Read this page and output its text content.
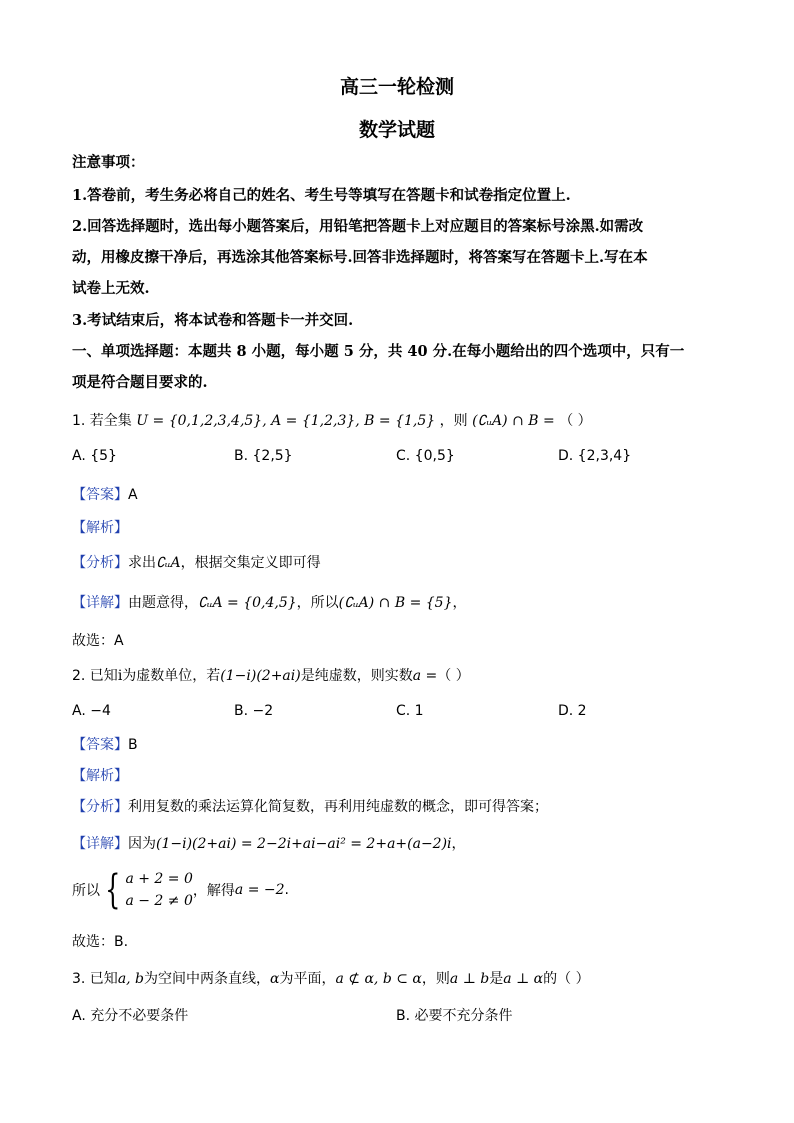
高三一轮检测
数学试题
注意事项：
1.答卷前，考生务必将自己的姓名、考生号等填写在答题卡和试卷指定位置上.
2.回答选择题时，选出每小题答案后，用铅笔把答题卡上对应题目的答案标号涂黑.如需改
动，用橡皮擦干净后，再选涂其他答案标号.回答非选择题时，将答案写在答题卡上.写在本
试卷上无效.
3.考试结束后，将本试卷和答题卡一并交回.
一、单项选择题：本题共 8 小题，每小题 5 分，共 40 分.在每小题给出的四个选项中，只有一
项是符合题目要求的.
1. 若全集 U = {0,1,2,3,4,5}, A = {1,2,3}, B = {1,5} ，则 (∁ᵤA) ∩ B = （ ）
A. {5}	B. {2,5}	C. {0,5}	D. {2,3,4}
【答案】A
【解析】
【分析】求出∁ᵤA，根据交集定义即可得
【详解】由题意得，∁ᵤA = {0,4,5}，所以(∁ᵤA) ∩ B = {5}，
故选：A
2. 已知i为虚数单位，若(1−i)(2+ai)是纯虚数，则实数a =（ ）
A. −4	B. −2	C. 1	D. 2
【答案】B
【解析】
【分析】利用复数的乘法运算化简复数，再利用纯虚数的概念，即可得答案；
【详解】因为(1−i)(2+ai) = 2−2i+ai−ai² = 2+a+(a−2)i，
所以 { a + 2 = 0
a − 2 ≠ 0，解得a = −2.
故选：B.
3. 已知a, b为空间中两条直线，α为平面，a ⊄ α, b ⊂ α，则a ⊥ b是a ⊥ α的（ ）
A. 充分不必要条件	B. 必要不充分条件
